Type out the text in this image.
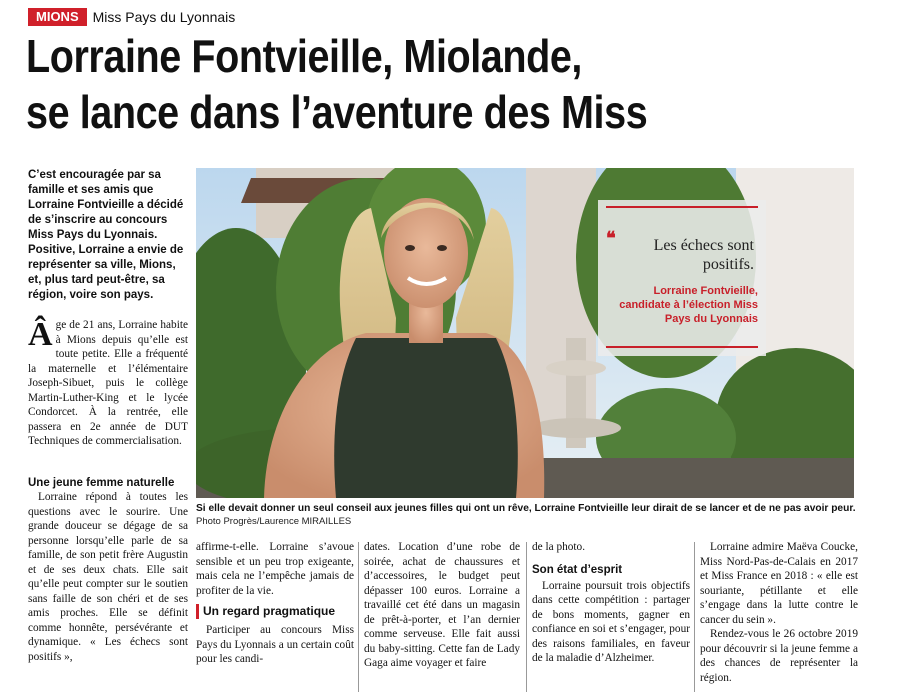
MIONS	Miss Pays du Lyonnais
Lorraine Fontvieille, Miolande,
se lance dans l’aventure des Miss
C’est encouragée par sa famille et ses amis que Lorraine Fontvieille a décidé de s’inscrire au concours Miss Pays du Lyonnais. Positive, Lorraine a envie de représenter sa ville, Mions, et, plus tard peut-être, sa région, voire son pays.

Âge de 21 ans, Lorraine habite à Mions depuis qu’elle est toute petite. Elle a fréquenté la maternelle et l’élémentaire Joseph-Sibuet, puis le collège Martin-Luther-King et le lycée Condorcet. À la rentrée, elle passera en 2e année de DUT Techniques de commercialisation.

Une jeune femme naturelle

Lorraine répond à toutes les questions avec le sourire. Une grande douceur se dégage de sa personne lorsqu’elle parle de sa famille, de son petit frère Augustin et de ses deux chats. Elle sait qu’elle peut compter sur le soutien sans faille de son chéri et de ses amis proches. Elle se définit comme honnête, persévérante et dynamique. « Les échecs sont positifs »,

❝	Les échecs sont positifs.
Lorraine Fontvieille, candidate à l’élection Miss Pays du Lyonnais
Si elle devait donner un seul conseil aux jeunes filles qui ont un rêve, Lorraine Fontvieille leur dirait de se lancer et de ne pas avoir peur.
Photo Progrès/Laurence MIRAILLES

affirme-t-elle. Lorraine s’avoue sensible et un peu trop exigeante, mais cela ne l’empêche jamais de profiter de la vie.

Un regard pragmatique

Participer au concours Miss Pays du Lyonnais a un certain coût pour les candi-

dates. Location d’une robe de soirée, achat de chaussures et d’accessoires, le budget peut dépasser 100 euros. Lorraine a travaillé cet été dans un magasin de prêt-à-porter, et l’an dernier comme serveuse. Elle fait aussi du baby-sitting. Cette fan de Lady Gaga aime voyager et faire

de la photo.

Son état d’esprit

Lorraine poursuit trois objectifs dans cette compétition : partager de bons moments, gagner en confiance en soi et s’engager, pour des raisons familiales, en faveur de la maladie d’Alzheimer.

Lorraine admire Maëva Coucke, Miss Nord-Pas-de-Calais en 2017 et Miss France en 2018 : « elle est souriante, pétillante et elle s’engage dans la lutte contre le cancer du sein ».

Rendez-vous le 26 octobre 2019 pour découvrir si la jeune femme a des chances de représenter la région.
